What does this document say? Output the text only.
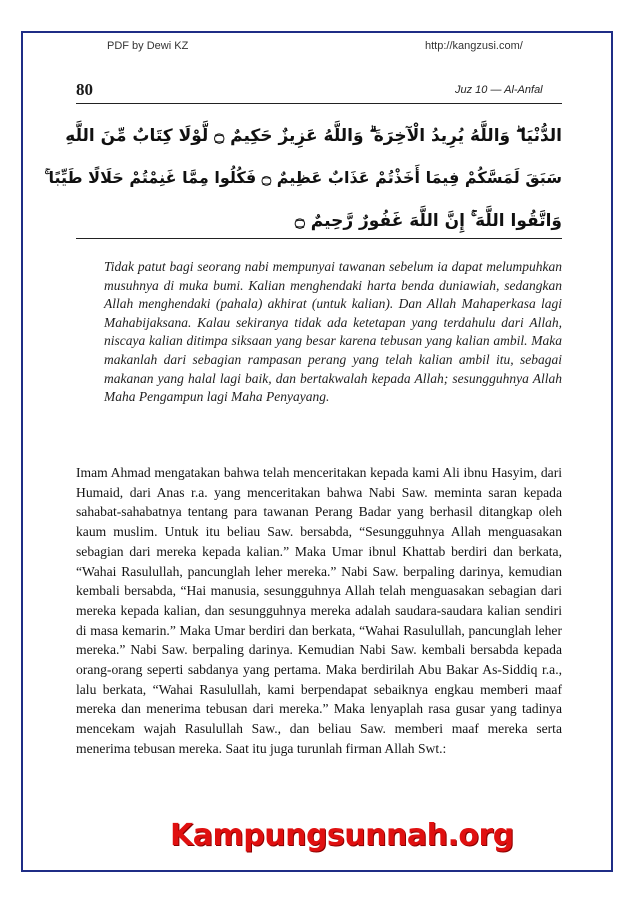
PDF by Dewi KZ	http://kangzusi.com/
80	Juz 10 — Al-Anfal
الدُّنْيَا ۖ وَاللَّهُ يُرِيدُ الْآخِرَةَ ۗ وَاللَّهُ عَزِيزٌ حَكِيمٌ ۝ لَّوْلَا كِتَابٌ مِّنَ اللَّهِ
سَبَقَ لَمَسَّكُمْ فِيمَا أَخَذْتُمْ عَذَابٌ عَظِيمٌ ۝ فَكُلُوا مِمَّا غَنِمْتُمْ حَلَالًا طَيِّبًا ۚ
وَاتَّقُوا اللَّهَ ۚ إِنَّ اللَّهَ غَفُورٌ رَّحِيمٌ ۝
Tidak patut bagi seorang nabi mempunyai tawanan sebelum ia dapat melumpuhkan musuhnya di muka bumi. Kalian menghendaki harta benda duniawiah, sedangkan Allah menghendaki (pahala) akhirat (untuk kalian). Dan Allah Mahaperkasa lagi Mahabijaksana. Kalau sekiranya tidak ada ketetapan yang terdahulu dari Allah, niscaya kalian ditimpa siksaan yang besar karena tebusan yang kalian ambil. Maka makanlah dari sebagian rampasan perang yang telah kalian ambil itu, sebagai makanan yang halal lagi baik, dan bertakwalah kepada Allah; sesungguhnya Allah Maha Pengampun lagi Maha Penyayang.
Imam Ahmad mengatakan bahwa telah menceritakan kepada kami Ali ibnu Hasyim, dari Humaid, dari Anas r.a. yang menceritakan bahwa Nabi Saw. meminta saran kepada sahabat-sahabatnya tentang para tawanan Perang Badar yang berhasil ditangkap oleh kaum muslim. Untuk itu beliau Saw. bersabda, “Sesungguhnya Allah menguasakan sebagian dari mereka kepada kalian.” Maka Umar ibnul Khattab berdiri dan berkata, “Wahai Rasulullah, pancunglah leher mereka.” Nabi Saw. berpaling darinya, kemudian kembali bersabda, “Hai manusia, sesungguhnya Allah telah menguasakan sebagian dari mereka kepada kalian, dan sesungguhnya mereka adalah saudara-saudara kalian sendiri di masa kemarin.” Maka Umar berdiri dan berkata, “Wahai Rasulullah, pancunglah leher mereka.” Nabi Saw. berpaling darinya. Kemudian Nabi Saw. kembali bersabda kepada orang-orang seperti sabdanya yang pertama. Maka berdirilah Abu Bakar As-Siddiq r.a., lalu berkata, “Wahai Rasulullah, kami berpendapat sebaiknya engkau memberi maaf mereka dan menerima tebusan dari mereka.” Maka lenyaplah rasa gusar yang tadinya mencekam wajah Rasulullah Saw., dan beliau Saw. memberi maaf mereka serta menerima tebusan mereka. Saat itu juga turunlah firman Allah Swt.:
Kampungsunnah.org
